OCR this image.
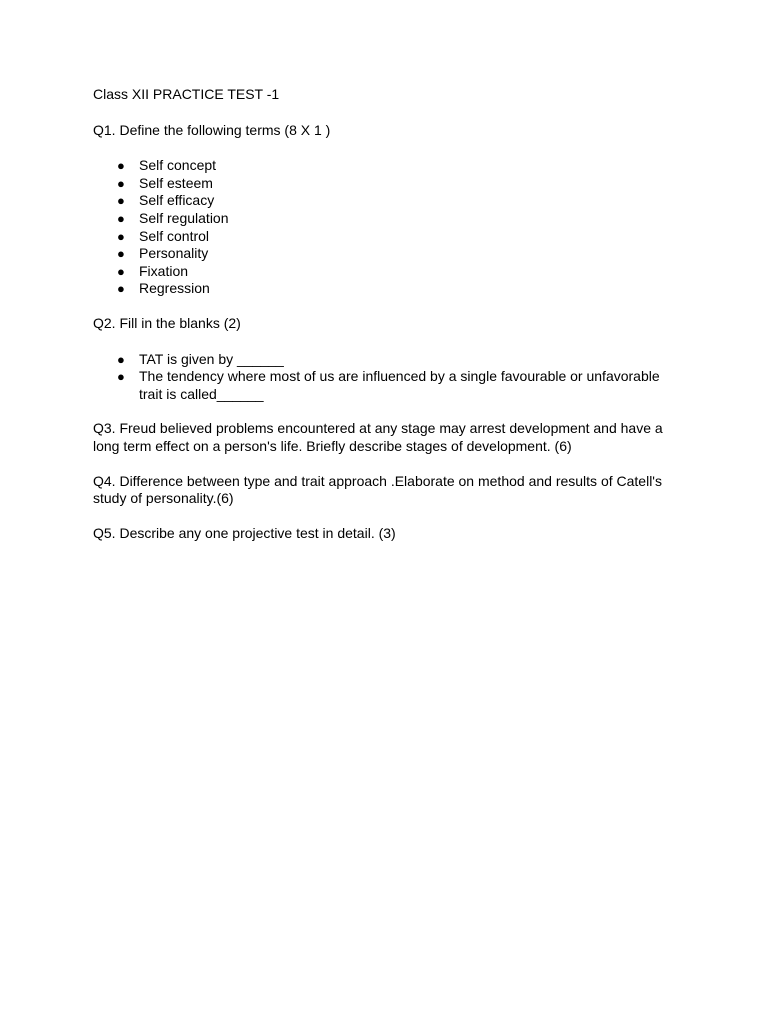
Class XII PRACTICE TEST -1

Q1. Define the following terms (8 X 1 )

● Self concept
● Self esteem
● Self efficacy
● Self regulation
● Self control
● Personality
● Fixation
● Regression

Q2. Fill in the blanks (2)

● TAT is given by ______
● The tendency where most of us are influenced by a single favourable or unfavorable trait is called______

Q3. Freud believed problems encountered at any stage may arrest development and have a long term effect on a person's life. Briefly describe stages of development. (6)

Q4. Difference between type and trait approach .Elaborate on method and results of Catell's study of personality.(6)

Q5. Describe any one projective test in detail. (3)
